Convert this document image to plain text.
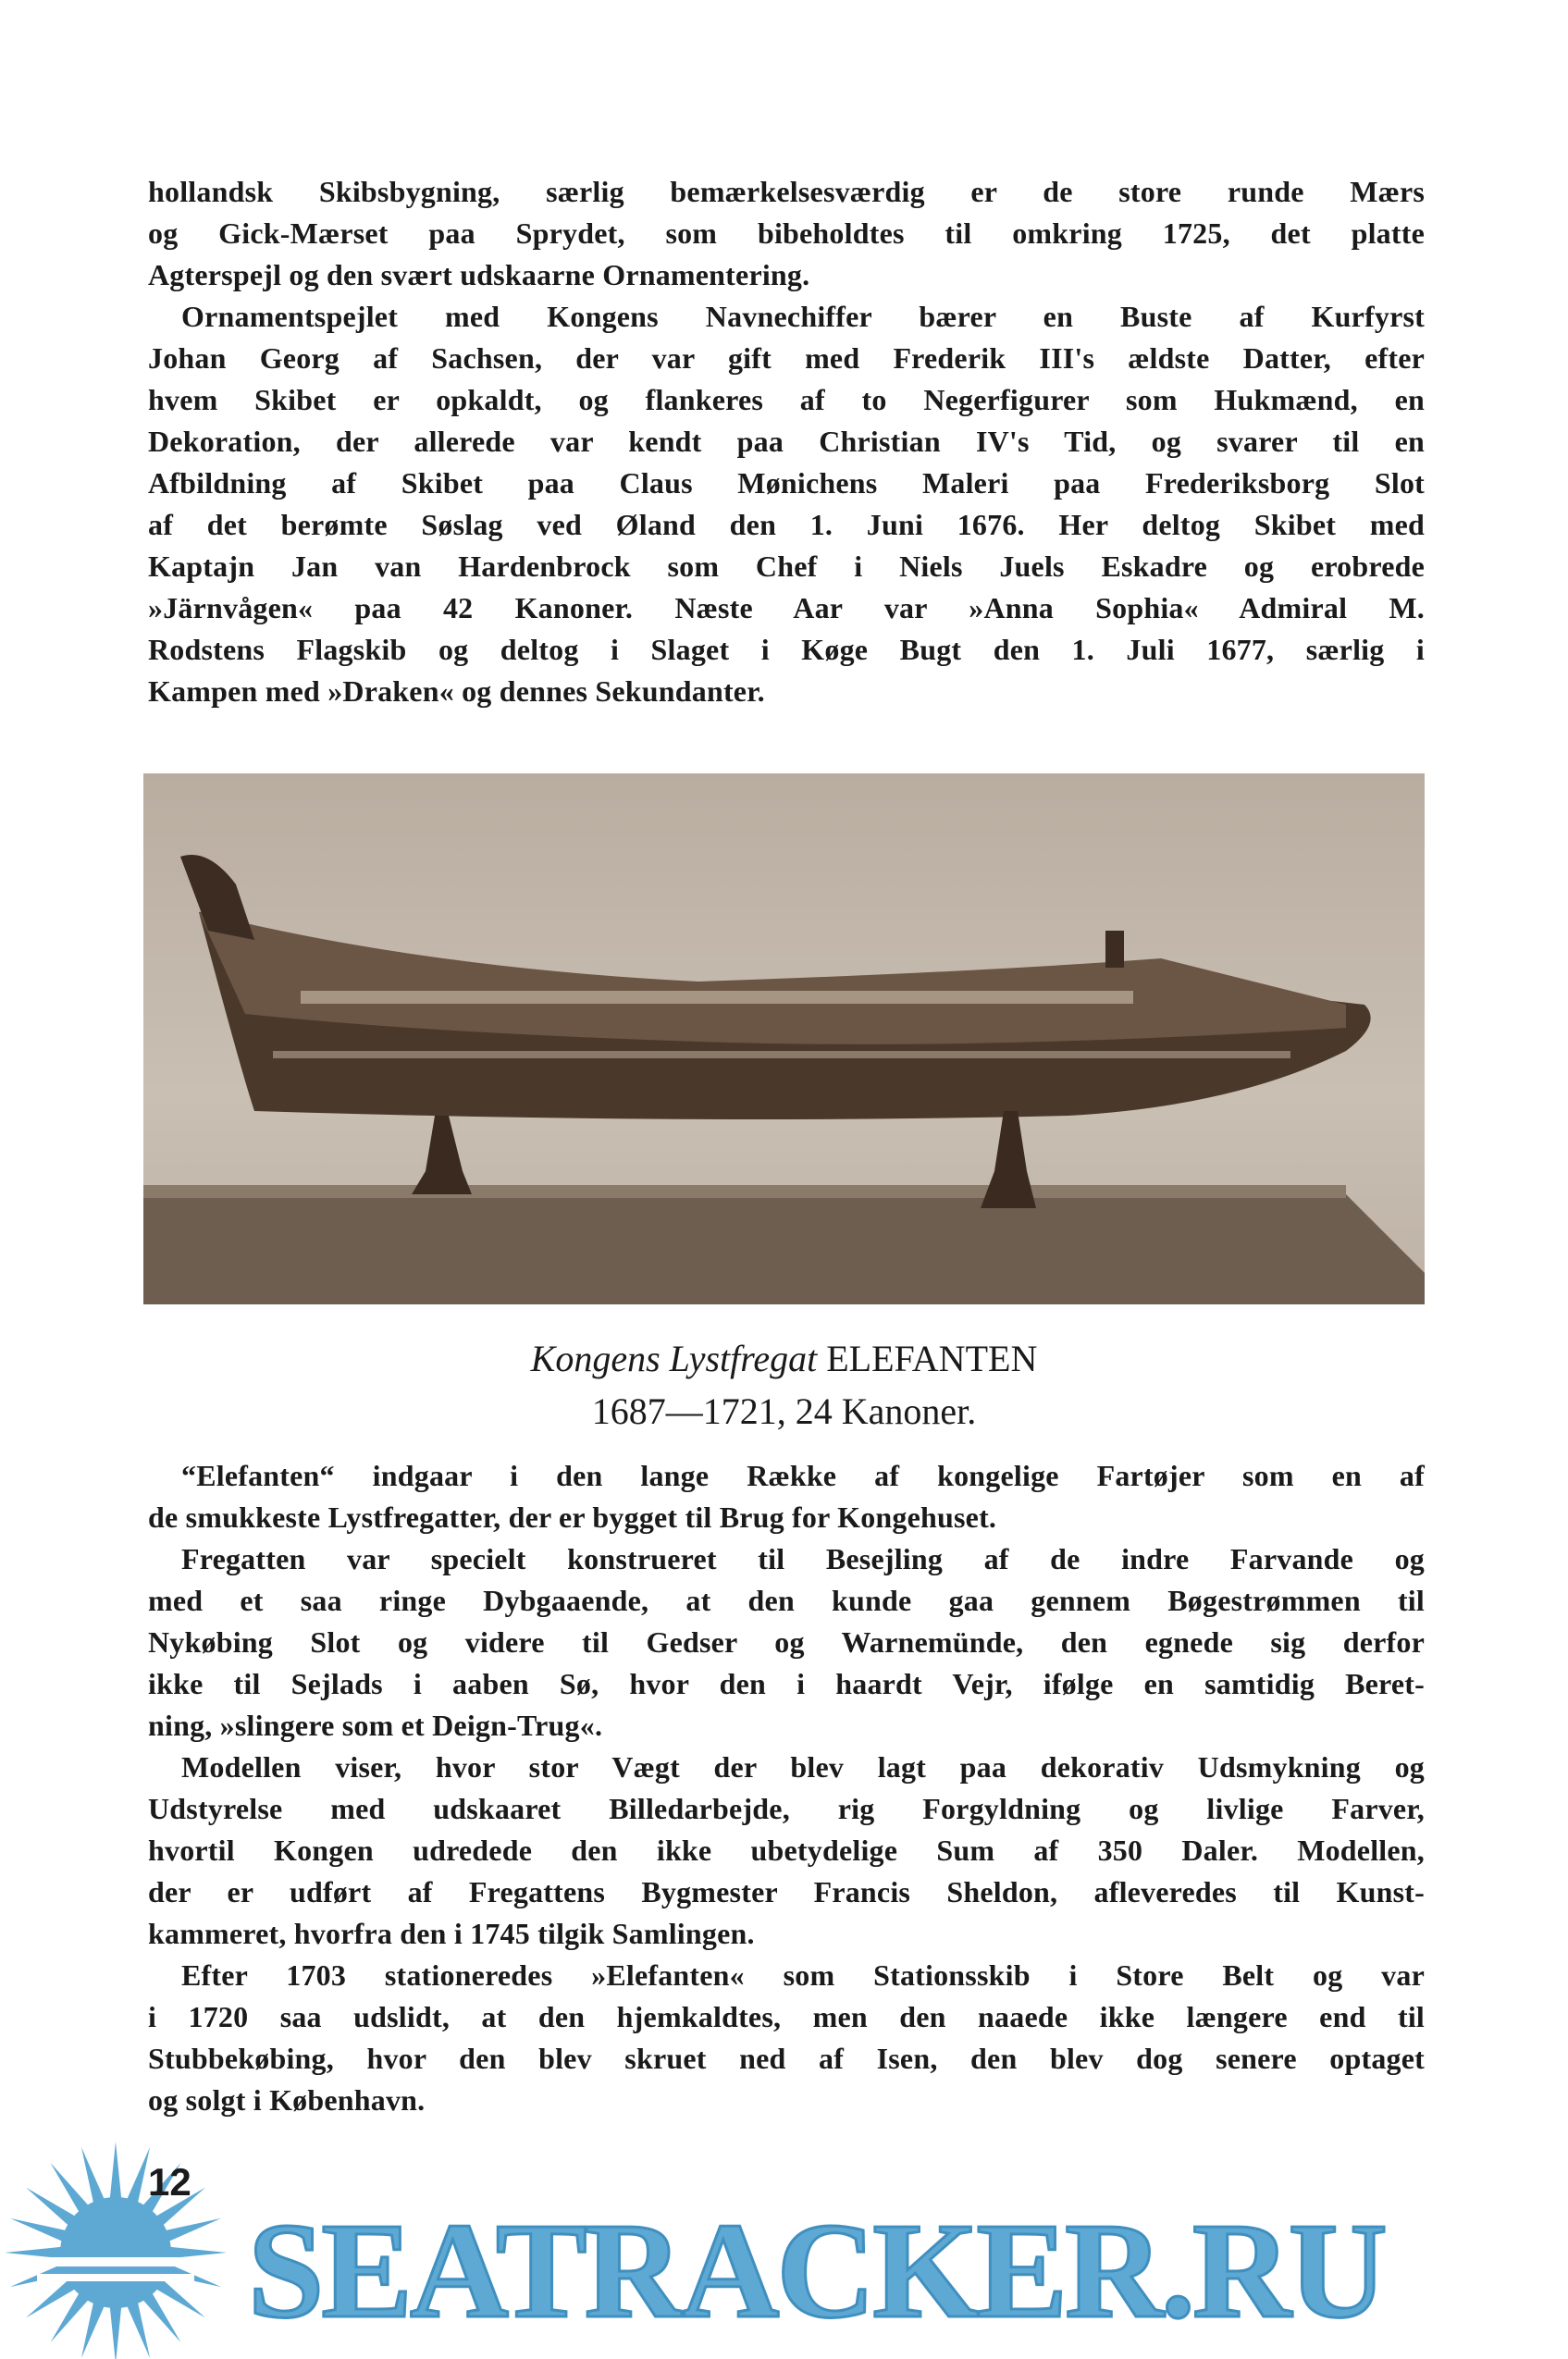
hollandsk Skibsbygning, særlig bemærkelsesværdig er de store runde Mærs
og Gick-Mærset paa Sprydet, som bibeholdtes til omkring 1725, det platte
Agterspejl og den svært udskaarne Ornamentering.
Ornamentspejlet med Kongens Navnechiffer bærer en Buste af Kurfyrst
Johan Georg af Sachsen, der var gift med Frederik III's ældste Datter, efter
hvem Skibet er opkaldt, og flankeres af to Negerfigurer som Hukmænd, en
Dekoration, der allerede var kendt paa Christian IV's Tid, og svarer til en
Afbildning af Skibet paa Claus Mønichens Maleri paa Frederiksborg Slot
af det berømte Søslag ved Øland den 1. Juni 1676. Her deltog Skibet med
Kaptajn Jan van Hardenbrock som Chef i Niels Juels Eskadre og erobrede
»Järnvågen« paa 42 Kanoner. Næste Aar var »Anna Sophia« Admiral M.
Rodstens Flagskib og deltog i Slaget i Køge Bugt den 1. Juli 1677, særlig i
Kampen med »Draken« og dennes Sekundanter.
Kongens Lystfregat ELEFANTEN
1687—1721, 24 Kanoner.
“Elefanten“ indgaar i den lange Række af kongelige Fartøjer som en af
de smukkeste Lystfregatter, der er bygget til Brug for Kongehuset.
Fregatten var specielt konstrueret til Besejling af de indre Farvande og
med et saa ringe Dybgaaende, at den kunde gaa gennem Bøgestrømmen til
Nykøbing Slot og videre til Gedser og Warnemünde, den egnede sig derfor
ikke til Sejlads i aaben Sø, hvor den i haardt Vejr, ifølge en samtidig Beret-
ning, »slingere som et Deign-Trug«.
Modellen viser, hvor stor Vægt der blev lagt paa dekorativ Udsmykning og
Udstyrelse med udskaaret Billedarbejde, rig Forgyldning og livlige Farver,
hvortil Kongen udredede den ikke ubetydelige Sum af 350 Daler. Modellen,
der er udført af Fregattens Bygmester Francis Sheldon, afleveredes til Kunst-
kammeret, hvorfra den i 1745 tilgik Samlingen.
Efter 1703 stationeredes »Elefanten« som Stationsskib i Store Belt og var
i 1720 saa udslidt, at den hjemkaldtes, men den naaede ikke længere end til
Stubbekøbing, hvor den blev skruet ned af Isen, den blev dog senere optaget
og solgt i København.
12
SEATRACKER.RU
